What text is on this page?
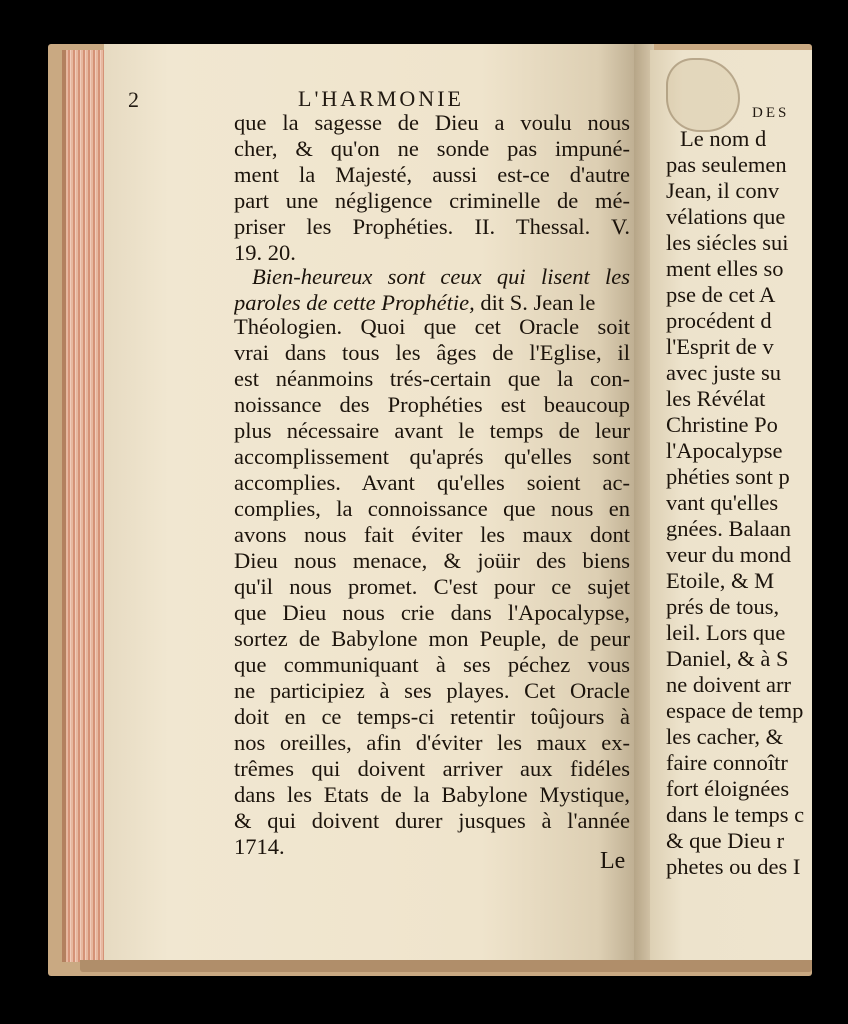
2	L'HARMONIE
que la sagesse de Dieu a voulu nous
cher, & qu'on ne sonde pas impuné-
ment la Majesté, aussi est-ce d'autre
part une négligence criminelle de mé-
priser les Prophéties. II. Thessal. V.
19. 20.
Bien-heureux sont ceux qui lisent les
paroles de cette Prophétie, dit S. Jean le
Théologien. Quoi que cet Oracle soit
vrai dans tous les âges de l'Eglise, il
est néanmoins trés-certain que la con-
noissance des Prophéties est beaucoup
plus nécessaire avant le temps de leur
accomplissement qu'aprés qu'elles sont
accomplies. Avant qu'elles soient ac-
complies, la connoissance que nous en
avons nous fait éviter les maux dont
Dieu nous menace, & joüir des biens
qu'il nous promet. C'est pour ce sujet
que Dieu nous crie dans l'Apocalypse,
sortez de Babylone mon Peuple, de peur
que communiquant à ses péchez vous
ne participiez à ses playes. Cet Oracle
doit en ce temps-ci retentir toûjours à
nos oreilles, afin d'éviter les maux ex-
trêmes qui doivent arriver aux fidéles
dans les Etats de la Babylone Mystique,
& qui doivent durer jusques à l'année
1714.
Le
DES
Le nom d
pas seulemen
Jean, il conv
vélations que
les siécles sui
ment elles so
pse de cet A
procédent d
l'Esprit de v
avec juste su
les Révélat
Christine Po
l'Apocalypse
phéties sont p
vant qu'elles
gnées. Balaan
veur du mond
Etoile, & M
prés de tous,
leil. Lors que
Daniel, & à S
ne doivent arr
espace de temp
les cacher, &
faire connoîtr
fort éloignées
dans le temps c
& que Dieu r
phetes ou des I
